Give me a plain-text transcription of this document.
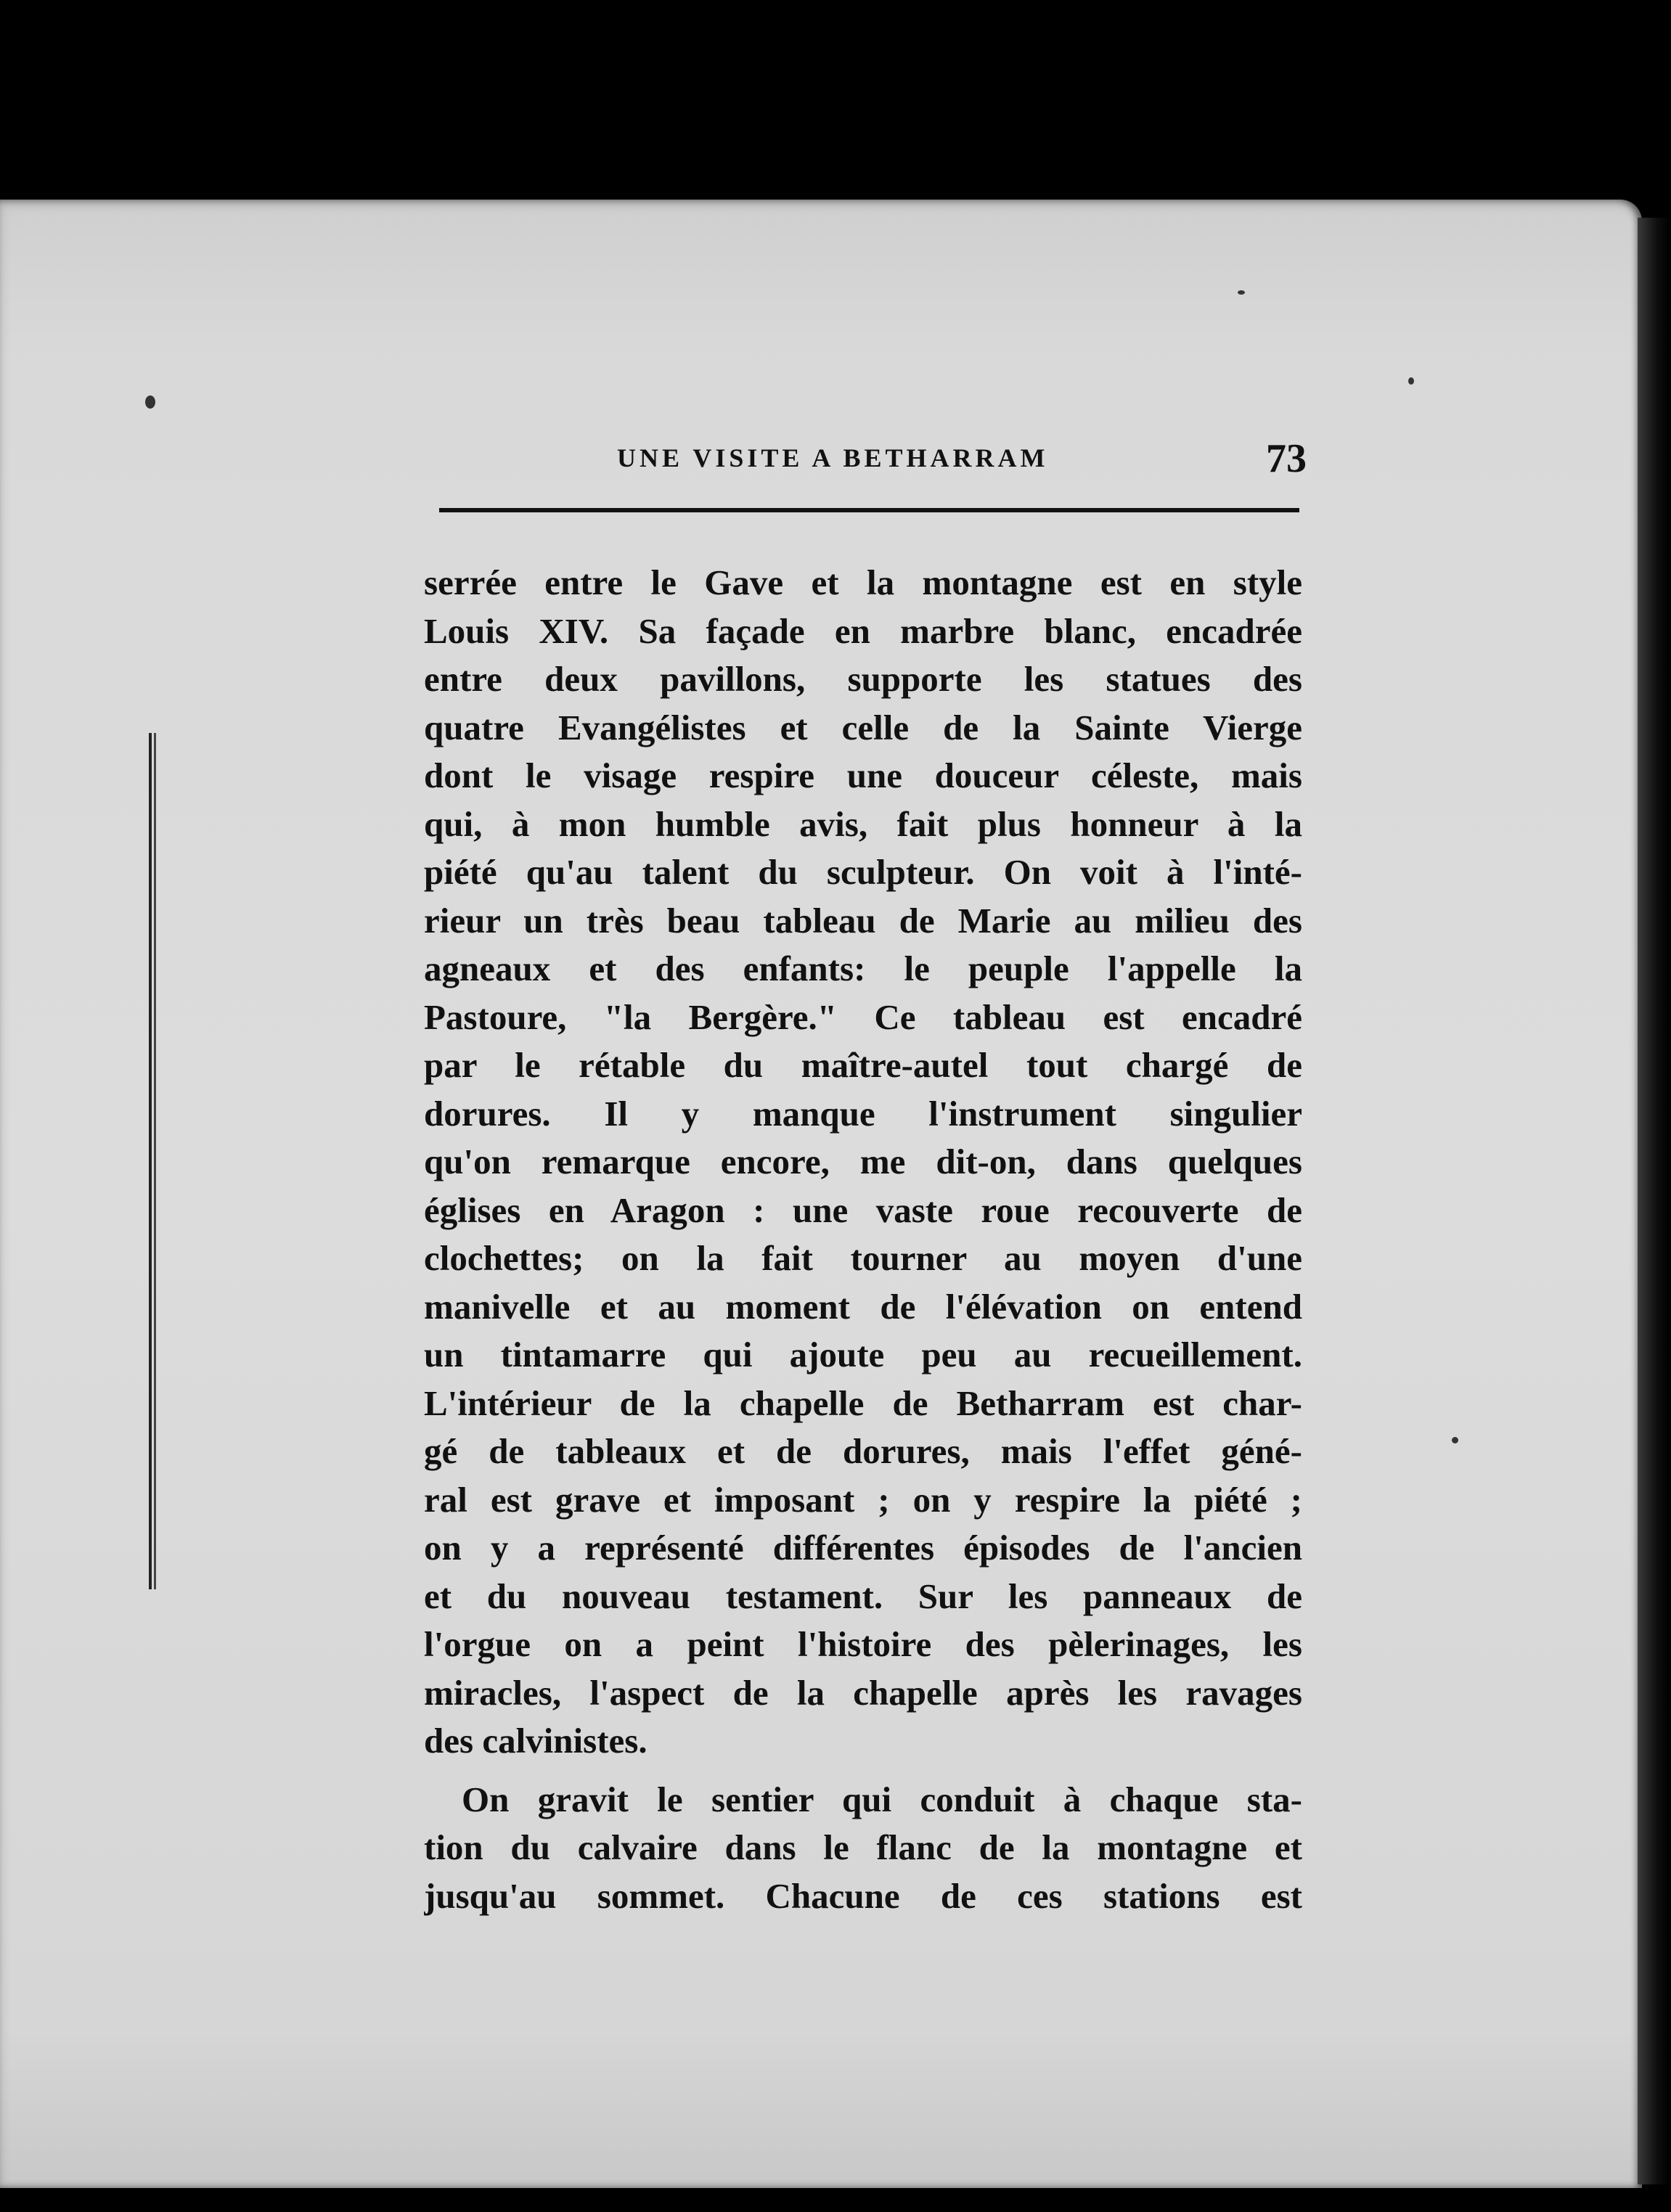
UNE VISITE A BETHARRAM	73
serrée entre le Gave et la montagne est en style
Louis XIV. Sa façade en marbre blanc, encadrée
entre deux pavillons, supporte les statues des
quatre Evangélistes et celle de la Sainte Vierge
dont le visage respire une douceur céleste, mais
qui, à mon humble avis, fait plus honneur à la
piété qu'au talent du sculpteur. On voit à l'inté-
rieur un très beau tableau de Marie au milieu des
agneaux et des enfants: le peuple l'appelle la
Pastoure, "la Bergère." Ce tableau est encadré
par le rétable du maître-autel tout chargé de
dorures. Il y manque l'instrument singulier
qu'on remarque encore, me dit-on, dans quelques
églises en Aragon : une vaste roue recouverte de
clochettes; on la fait tourner au moyen d'une
manivelle et au moment de l'élévation on entend
un tintamarre qui ajoute peu au recueillement.
L'intérieur de la chapelle de Betharram est char-
gé de tableaux et de dorures, mais l'effet géné-
ral est grave et imposant ; on y respire la piété ;
on y a représenté différentes épisodes de l'ancien
et du nouveau testament. Sur les panneaux de
l'orgue on a peint l'histoire des pèlerinages, les
miracles, l'aspect de la chapelle après les ravages
des calvinistes.
On gravit le sentier qui conduit à chaque sta-
tion du calvaire dans le flanc de la montagne et
jusqu'au sommet. Chacune de ces stations est
